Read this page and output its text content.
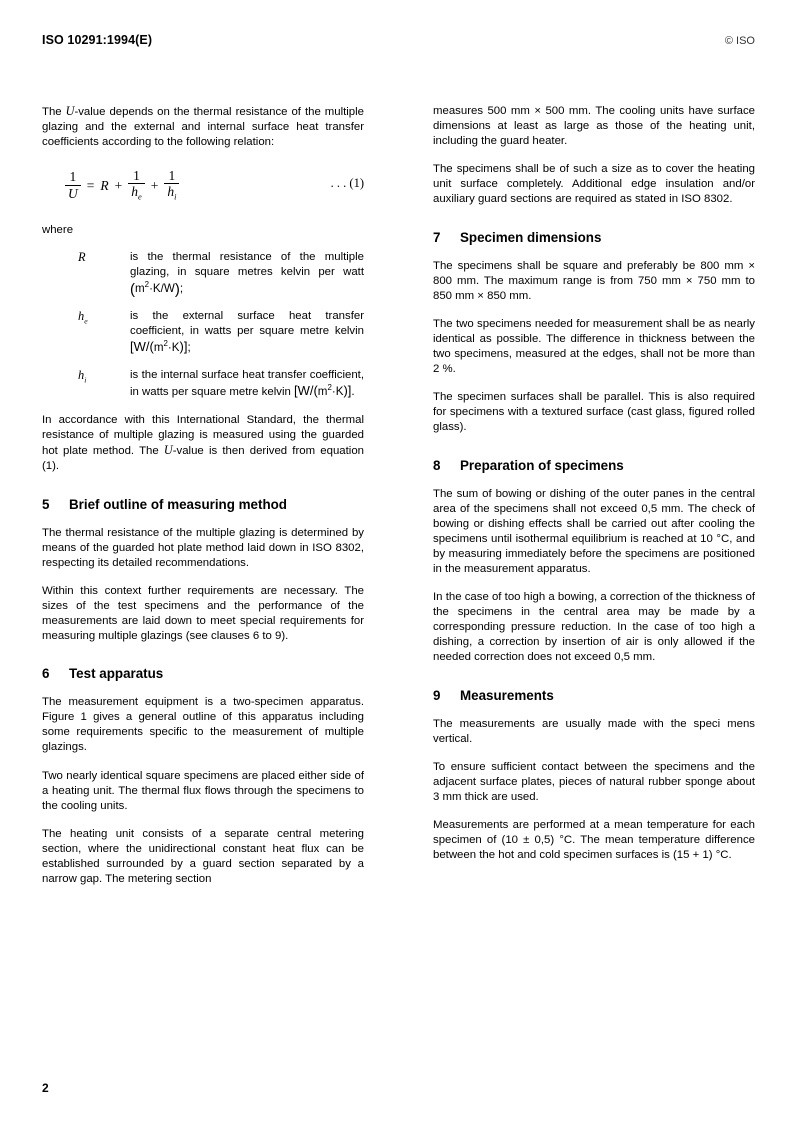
ISO 10291:1994(E)	© ISO

The U-value depends on the thermal resistance of the multiple glazing and the external and internal surface heat transfer coefficients according to the following relation:

$\frac{1}{U} = R + \frac{1}{h_e} + \frac{1}{h_i}$	. . . (1)

where

R	is the thermal resistance of the multiple glazing, in square metres kelvin per watt $(m^2\cdot K/W)$;
$h_e$	is the external surface heat transfer coefficient, in watts per square metre kelvin $[W/(m^2\cdot K)]$;
$h_i$	is the internal surface heat transfer coefficient, in watts per square metre kelvin $[W/(m^2\cdot K)]$.

In accordance with this International Standard, the thermal resistance of multiple glazing is measured using the guarded hot plate method. The U-value is then derived from equation (1).

5 Brief outline of measuring method

The thermal resistance of the multiple glazing is determined by means of the guarded hot plate method laid down in ISO 8302, respecting its detailed recommendations.

Within this context further requirements are necessary. The sizes of the test specimens and the performance of the measurements are laid down to meet special requirements for measuring multiple glazings (see clauses 6 to 9).

6 Test apparatus

The measurement equipment is a two-specimen apparatus. Figure 1 gives a general outline of this apparatus including some requirements specific to the measurement of multiple glazings.

Two nearly identical square specimens are placed either side of a heating unit. The thermal flux flows through the specimens to the cooling units.

The heating unit consists of a separate central metering section, where the unidirectional constant heat flux can be established surrounded by a guard section separated by a narrow gap. The metering section

measures 500 mm × 500 mm. The cooling units have surface dimensions at least as large as those of the heating unit, including the guard heater.

The specimens shall be of such a size as to cover the heating unit surface completely. Additional edge insulation and/or auxiliary guard sections are required as stated in ISO 8302.

7 Specimen dimensions

The specimens shall be square and preferably be 800 mm × 800 mm. The maximum range is from 750 mm × 750 mm to 850 mm × 850 mm.

The two specimens needed for measurement shall be as nearly identical as possible. The difference in thickness between the two specimens, measured at the edges, shall not be more than 2 %.

The specimen surfaces shall be parallel. This is also required for specimens with a textured surface (cast glass, figured rolled glass).

8 Preparation of specimens

The sum of bowing or dishing of the outer panes in the central area of the specimens shall not exceed 0,5 mm. The check of bowing or dishing effects shall be carried out after cooling the specimens until isothermal equilibrium is reached at 10 °C, and by measuring immediately before the specimens are positioned in the measurement apparatus.

In the case of too high a bowing, a correction of the thickness of the specimens in the central area may be made by a corresponding pressure reduction. In the case of too high a dishing, a correction by insertion of air is only allowed if the needed correction does not exceed 0,5 mm.

9 Measurements

The measurements are usually made with the speci mens vertical.

To ensure sufficient contact between the specimens and the adjacent surface plates, pieces of natural rubber sponge about 3 mm thick are used.

Measurements are performed at a mean temperature for each specimen of (10 ± 0,5) °C. The mean temperature difference between the hot and cold specimen surfaces is (15 + 1) °C.

2
